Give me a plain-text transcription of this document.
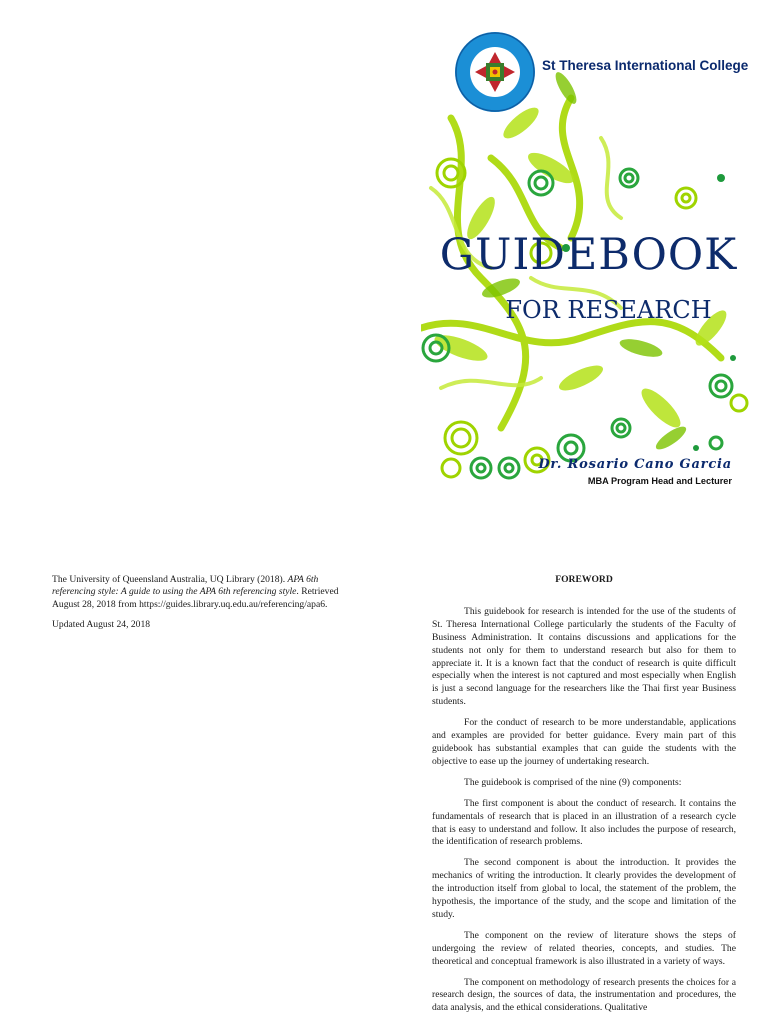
St Theresa International College
GUIDEBOOK
FOR RESEARCH
Dr. Rosario Cano Garcia
MBA Program Head and Lecturer

The University of Queensland Australia, UQ Library (2018). APA 6th referencing style: A guide to using the APA 6th referencing style. Retrieved August 28, 2018 from https://guides.library.uq.edu.au/referencing/apa6.

Updated August 24, 2018

FOREWORD

This guidebook for research is intended for the use of the students of St. Theresa International College particularly the students of the Faculty of Business Administration. It contains discussions and applications for the students not only for them to understand research but also for them to appreciate it. It is a known fact that the conduct of research is quite difficult especially when the interest is not captured and most especially when English is just a second language for the researchers like the Thai first year Business students.

For the conduct of research to be more understandable, applications and examples are provided for better guidance. Every main part of this guidebook has substantial examples that can guide the students with the objective to ease up the journey of undertaking research.

The guidebook is comprised of the nine (9) components:

The first component is about the conduct of research. It contains the fundamentals of research that is placed in an illustration of a research cycle that is easy to understand and follow. It also includes the purpose of research, the identification of research problems.

The second component is about the introduction. It provides the mechanics of writing the introduction. It clearly provides the development of the introduction itself from global to local, the statement of the problem, the hypothesis, the importance of the study, and the scope and limitation of the study.

The component on the review of literature shows the steps of undergoing the review of related theories, concepts, and studies. The theoretical and conceptual framework is also illustrated in a variety of ways.

The component on methodology of research presents the choices for a research design, the sources of data, the instrumentation and procedures, the data analysis, and the ethical considerations. Qualitative
